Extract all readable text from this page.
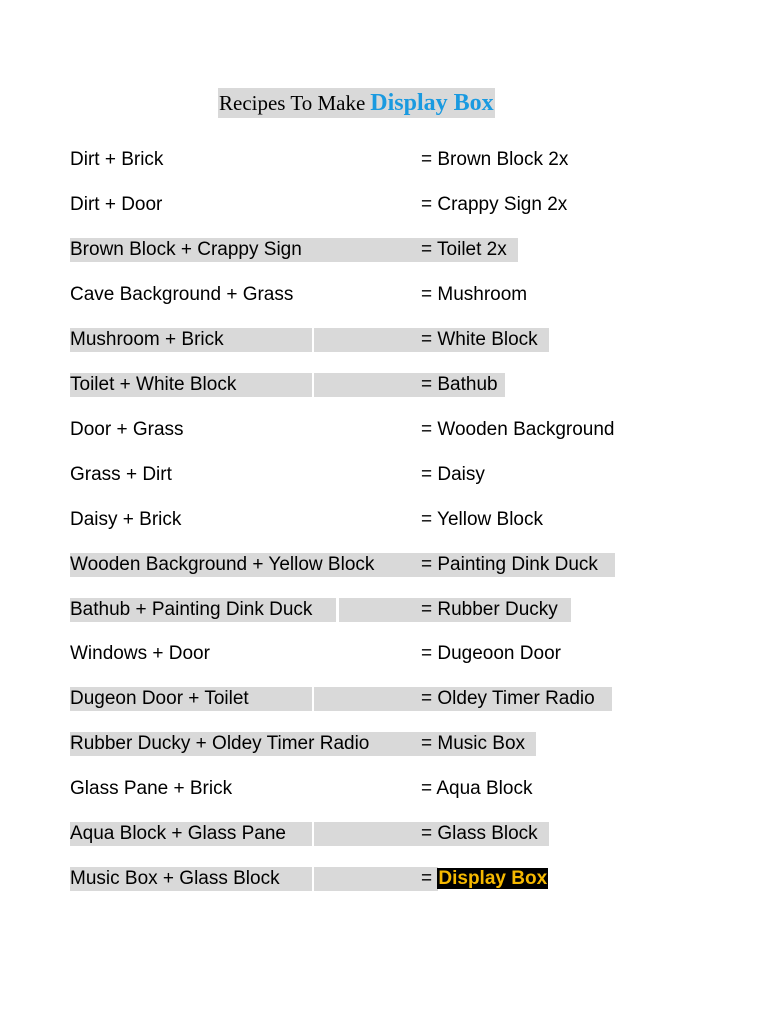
Recipes To Make Display Box
Dirt + Brick	= Brown Block 2x
Dirt + Door	= Crappy Sign 2x
Brown Block + Crappy Sign	= Toilet 2x
Cave Background + Grass	= Mushroom
Mushroom + Brick	= White Block
Toilet + White Block	= Bathub
Door + Grass	= Wooden Background
Grass + Dirt	= Daisy
Daisy + Brick	= Yellow Block
Wooden Background + Yellow Block = Painting Dink Duck
Bathub + Painting Dink Duck	= Rubber Ducky
Windows + Door	= Dugeoon Door
Dugeon Door + Toilet	= Oldey Timer Radio
Rubber Ducky + Oldey Timer Radio	= Music Box
Glass Pane + Brick	= Aqua Block
Aqua Block + Glass Pane	= Glass Block
Music Box + Glass Block	= Display Box
